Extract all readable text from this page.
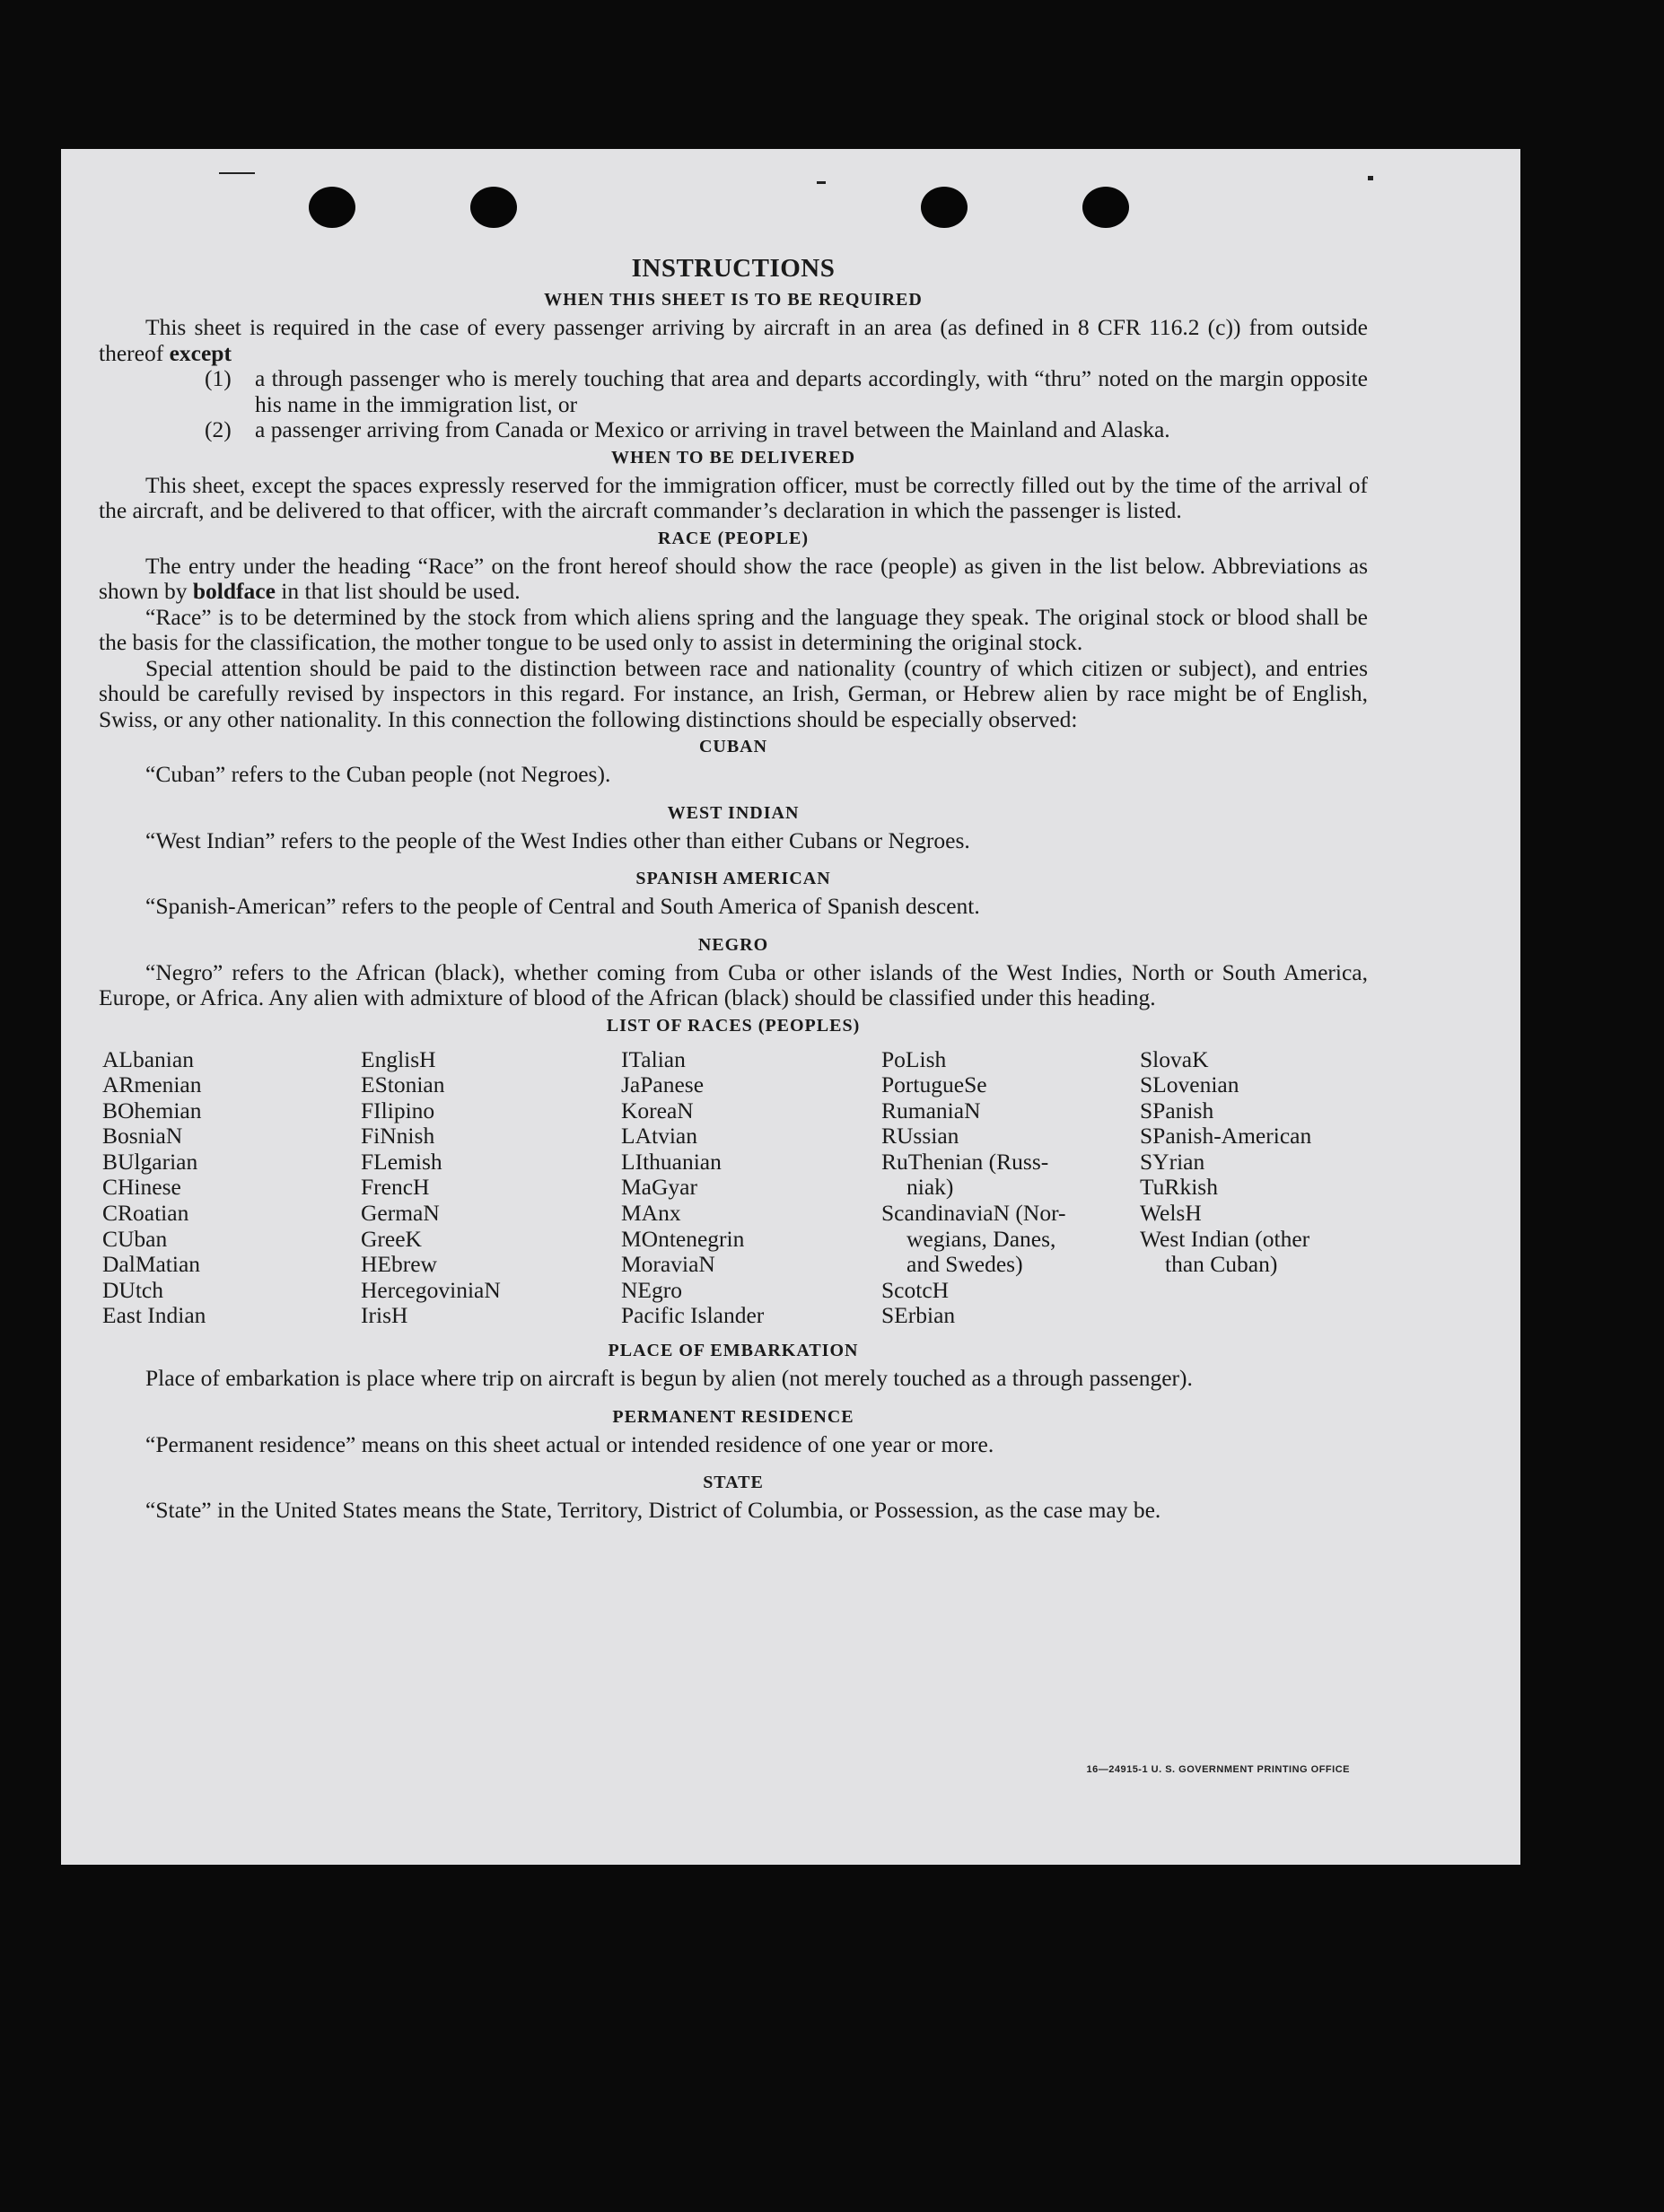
INSTRUCTIONS
WHEN THIS SHEET IS TO BE REQUIRED

This sheet is required in the case of every passenger arriving by aircraft in an area (as defined in 8 CFR 116.2 (c)) from outside thereof except

(1)	a through passenger who is merely touching that area and departs accordingly, with “thru” noted on the margin opposite his name in the immigration list, or
(2)	a passenger arriving from Canada or Mexico or arriving in travel between the Mainland and Alaska.
WHEN TO BE DELIVERED

This sheet, except the spaces expressly reserved for the immigration officer, must be correctly filled out by the time of the arrival of the aircraft, and be delivered to that officer, with the aircraft commander’s declaration in which the passenger is listed.

RACE (PEOPLE)

The entry under the heading “Race” on the front hereof should show the race (people) as given in the list below. Abbreviations as shown by boldface in that list should be used.

“Race” is to be determined by the stock from which aliens spring and the language they speak. The original stock or blood shall be the basis for the classification, the mother tongue to be used only to assist in determining the original stock.

Special attention should be paid to the distinction between race and nationality (country of which citizen or subject), and entries should be carefully revised by inspectors in this regard. For instance, an Irish, German, or Hebrew alien by race might be of English, Swiss, or any other nationality. In this connection the following distinctions should be especially observed:

CUBAN

“Cuban” refers to the Cuban people (not Negroes).

WEST INDIAN

“West Indian” refers to the people of the West Indies other than either Cubans or Negroes.

SPANISH AMERICAN

“Spanish-American” refers to the people of Central and South America of Spanish descent.

NEGRO

“Negro” refers to the African (black), whether coming from Cuba or other islands of the West Indies, North or South America, Europe, or Africa. Any alien with admixture of blood of the African (black) should be classified under this heading.

LIST OF RACES (PEOPLES)
ALbanian
ARmenian
BOhemian
BosniaN
BUlgarian
CHinese
CRoatian
CUban
DalMatian
DUtch
East Indian
EnglisH
EStonian
FIlipino
FiNnish
FLemish
FrencH
GermaN
GreeK
HEbrew
HercegoviniaN
IrisH
ITalian
JaPanese
KoreaN
LAtvian
LIthuanian
MaGyar
MAnx
MOntenegrin
MoraviaN
NEgro
Pacific Islander
PoLish
PortugueSe
RumaniaN
RUssian
RuThenian (Russ-
niak)
ScandinaviaN (Nor-
wegians, Danes,
and Swedes)
ScotcH
SErbian
SlovaK
SLovenian
SPanish
SPanish-American
SYrian
TuRkish
WelsH
West Indian (other
than Cuban)
PLACE OF EMBARKATION

Place of embarkation is place where trip on aircraft is begun by alien (not merely touched as a through passenger).

PERMANENT RESIDENCE

“Permanent residence” means on this sheet actual or intended residence of one year or more.

STATE

“State” in the United States means the State, Territory, District of Columbia, or Possession, as the case may be.

16—24915-1 U. S. GOVERNMENT PRINTING OFFICE
